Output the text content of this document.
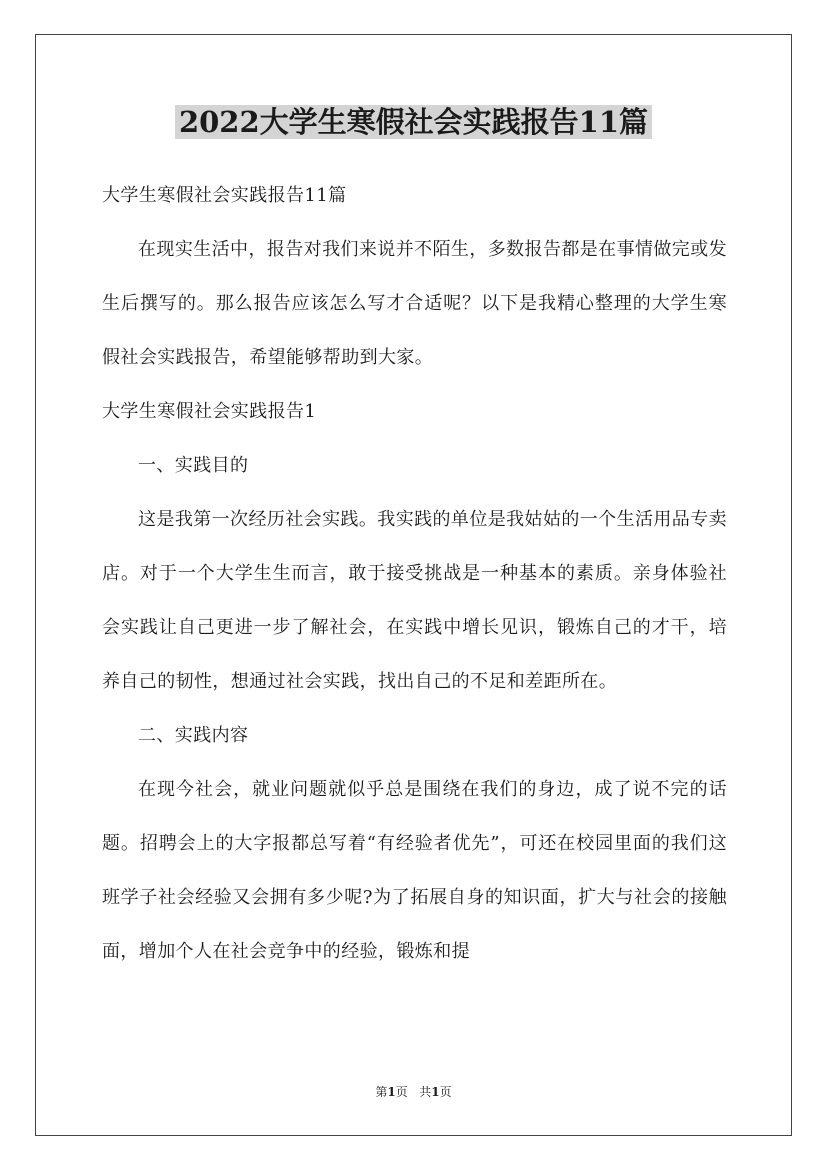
2022大学生寒假社会实践报告11篇

大学生寒假社会实践报告11篇

在现实生活中，报告对我们来说并不陌生，多数报告都是在事情做完或发生后撰写的。那么报告应该怎么写才合适呢？以下是我精心整理的大学生寒假社会实践报告，希望能够帮助到大家。

大学生寒假社会实践报告1

一、实践目的

这是我第一次经历社会实践。我实践的单位是我姑姑的一个生活用品专卖店。对于一个大学生生而言，敢于接受挑战是一种基本的素质。亲身体验社会实践让自己更进一步了解社会，在实践中增长见识，锻炼自己的才干，培养自己的韧性，想通过社会实践，找出自己的不足和差距所在。

二、实践内容

在现今社会，就业问题就似乎总是围绕在我们的身边，成了说不完的话题。招聘会上的大字报都总写着“有经验者优先”，可还在校园里面的我们这班学子社会经验又会拥有多少呢?为了拓展自身的知识面，扩大与社会的接触面，增加个人在社会竞争中的经验，锻炼和提

第1页 共1页
